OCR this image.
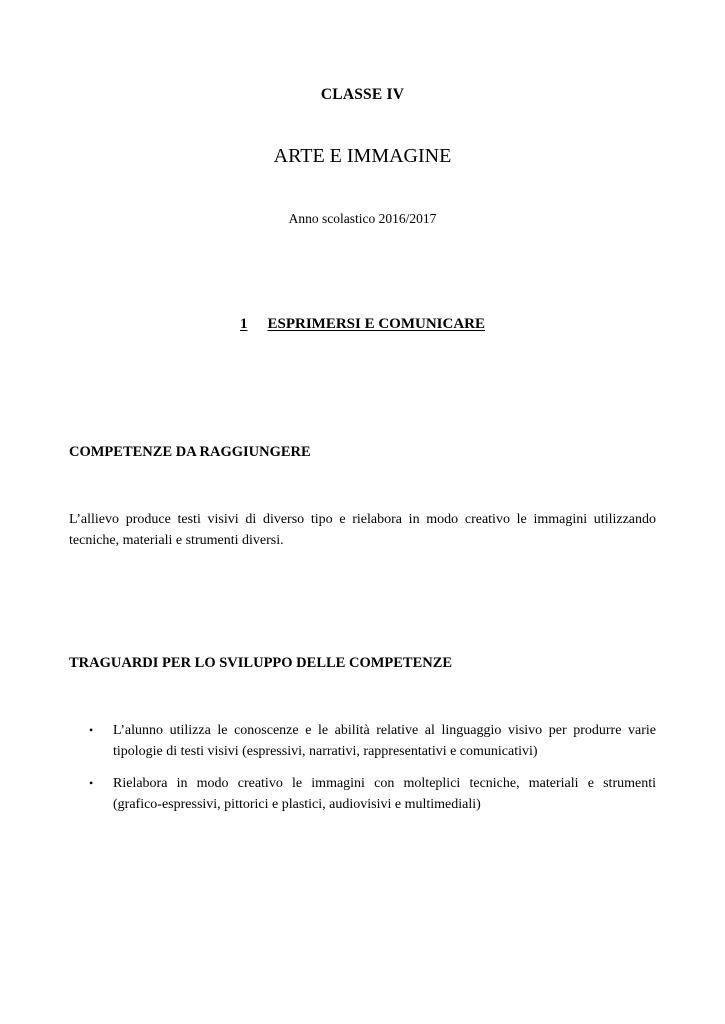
CLASSE IV
ARTE E IMMAGINE
Anno scolastico 2016/2017
1 ESPRIMERSI E COMUNICARE
COMPETENZE DA RAGGIUNGERE
L’allievo produce testi visivi di diverso tipo e rielabora in modo creativo le immagini utilizzando
tecniche, materiali e strumenti diversi.
TRAGUARDI PER LO SVILUPPO DELLE COMPETENZE
• L’alunno utilizza le conoscenze e le abilità relative al linguaggio visivo per produrre varie
tipologie di testi visivi (espressivi, narrativi, rappresentativi e comunicativi)
• Rielabora in modo creativo le immagini con molteplici tecniche, materiali e strumenti
(grafico-espressivi, pittorici e plastici, audiovisivi e multimediali)
